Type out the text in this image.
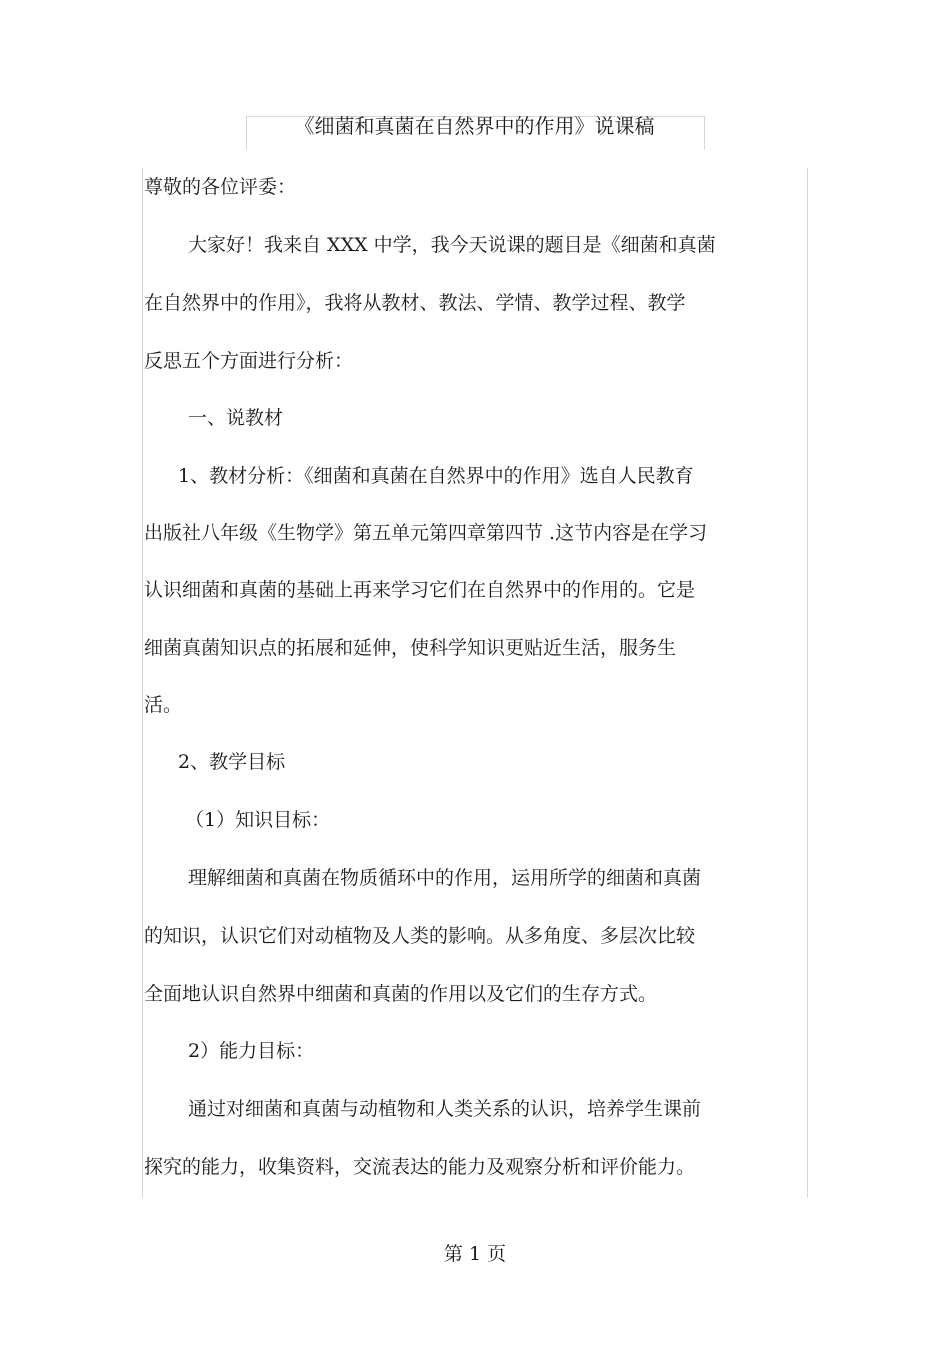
《细菌和真菌在自然界中的作用》说课稿
尊敬的各位评委：
大家好！我来自 XXX 中学，我今天说课的题目是《细菌和真菌
在自然界中的作用》，我将从教材、教法、学情、教学过程、教学
反思五个方面进行分析：
一、说教材
1、教材分析：《细菌和真菌在自然界中的作用》选自人民教育
出版社八年级《生物学》第五单元第四章第四节 .这节内容是在学习
认识细菌和真菌的基础上再来学习它们在自然界中的作用的。它是
细菌真菌知识点的拓展和延伸，使科学知识更贴近生活，服务生
活。
2、教学目标
（1）知识目标：
理解细菌和真菌在物质循环中的作用，运用所学的细菌和真菌
的知识，认识它们对动植物及人类的影响。从多角度、多层次比较
全面地认识自然界中细菌和真菌的作用以及它们的生存方式。
2）能力目标：
通过对细菌和真菌与动植物和人类关系的认识，培养学生课前
探究的能力，收集资料，交流表达的能力及观察分析和评价能力。
第 1 页
